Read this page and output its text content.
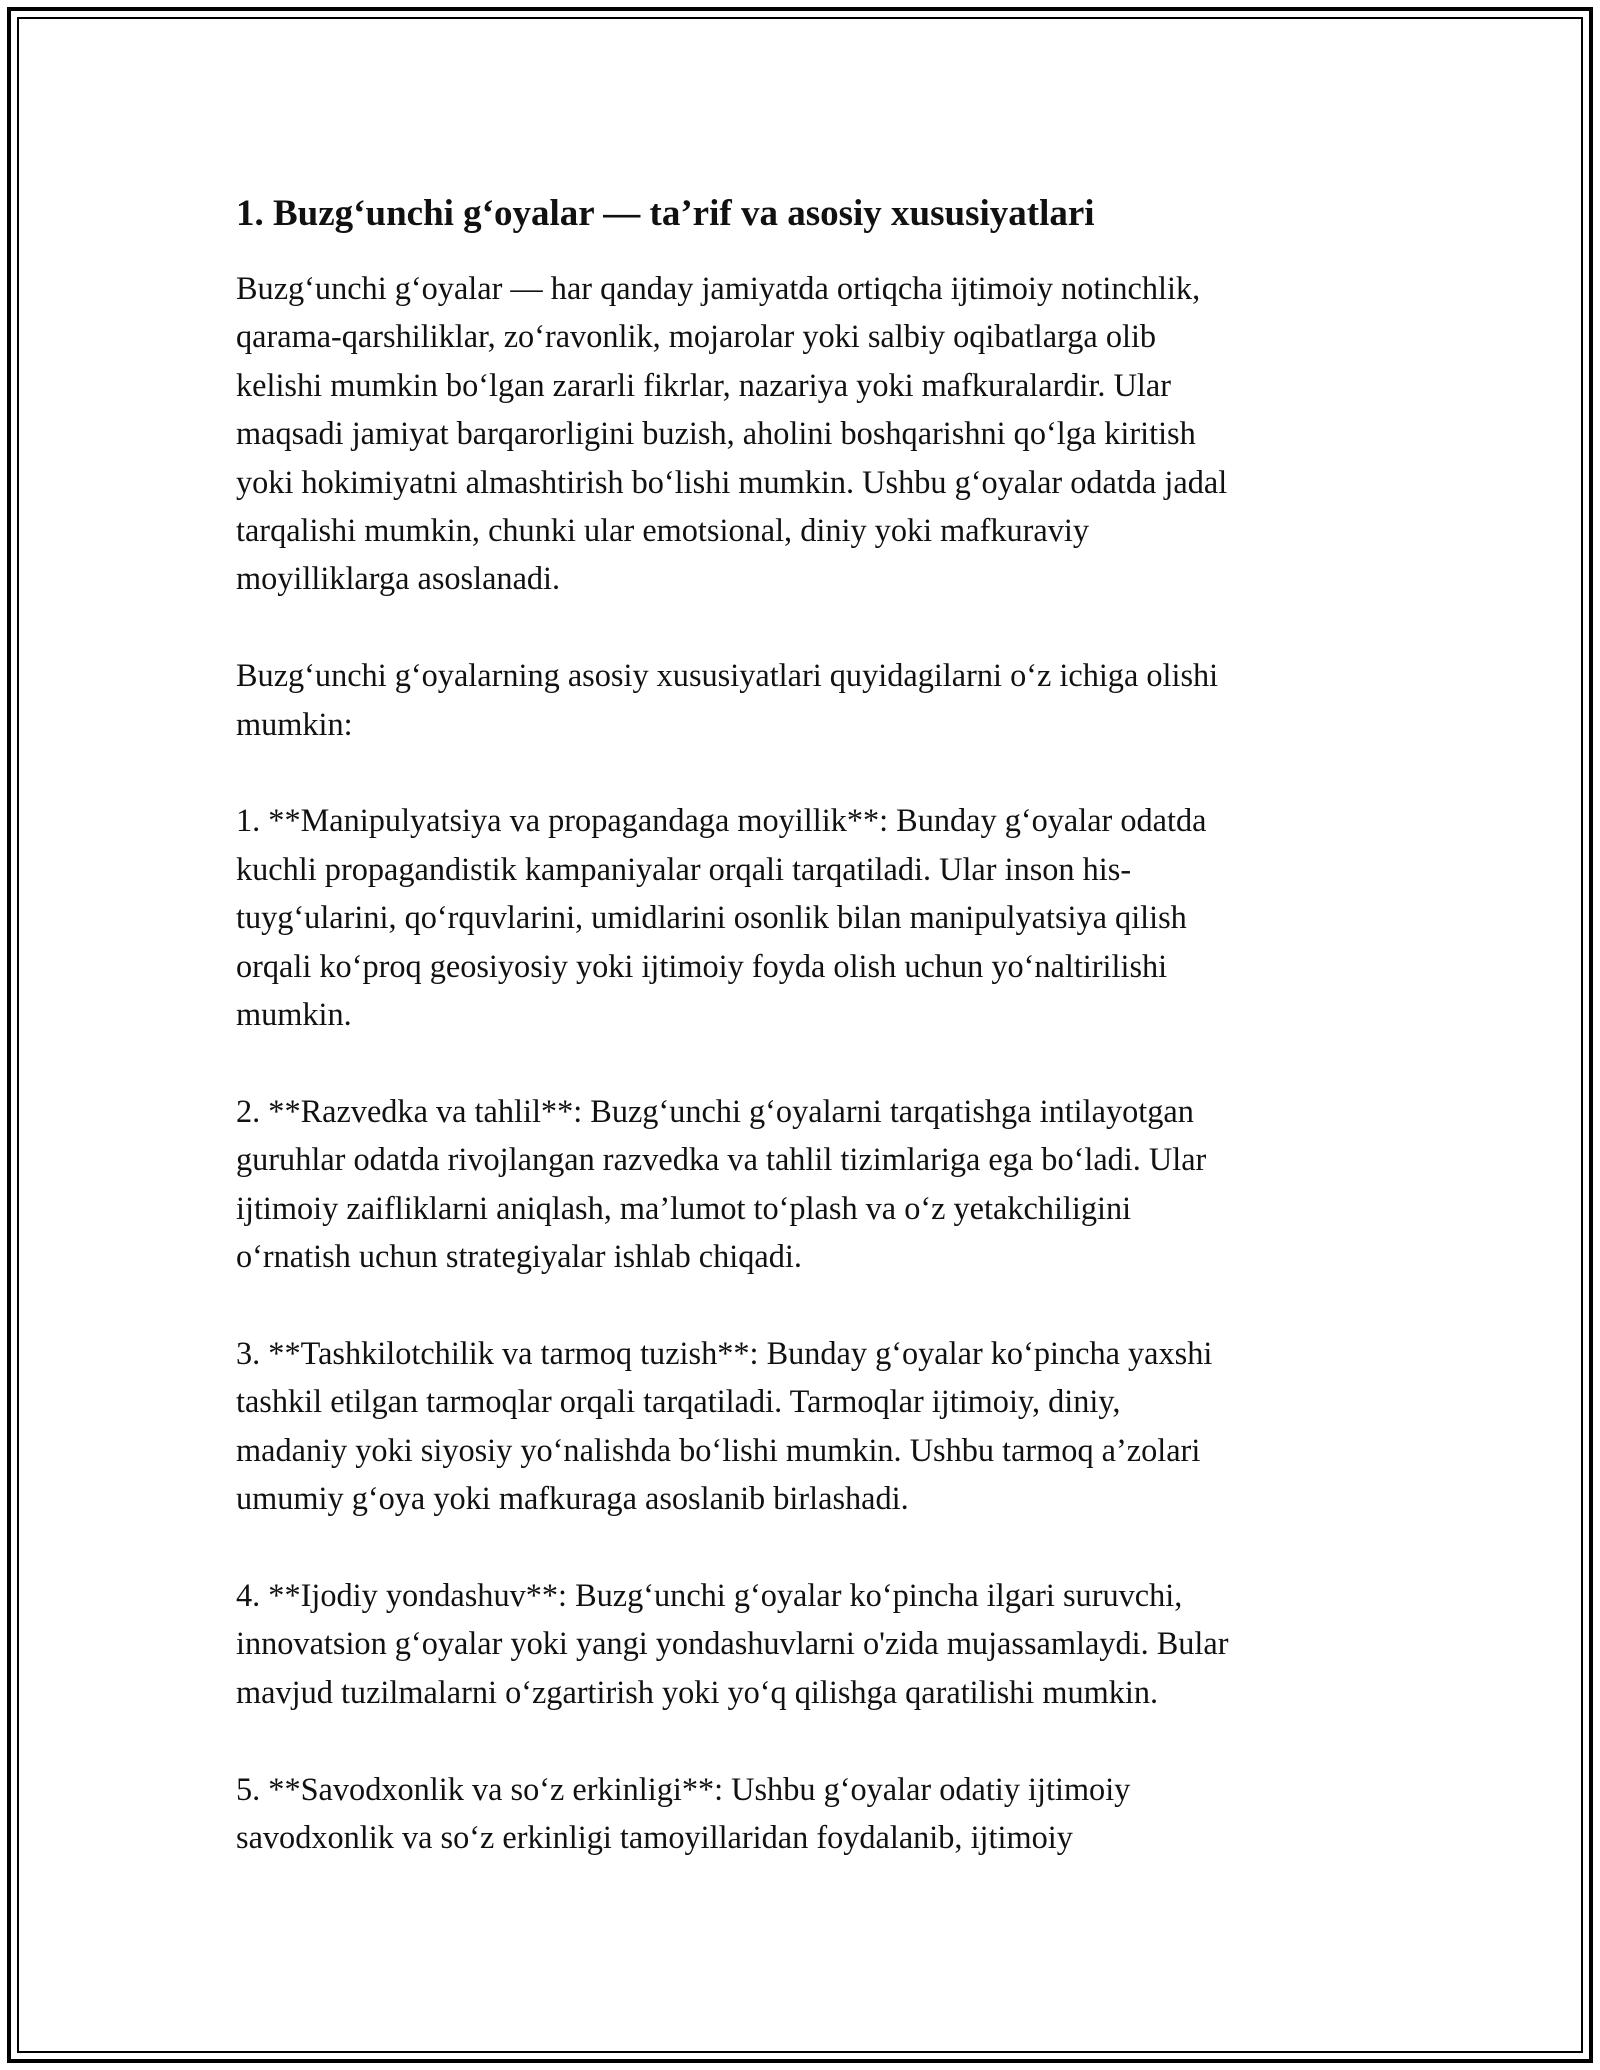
1. Buzg‘unchi g‘oyalar — ta’rif va asosiy xususiyatlari

Buzg‘unchi g‘oyalar — har qanday jamiyatda ortiqcha ijtimoiy notinchlik,
qarama-qarshiliklar, zo‘ravonlik, mojarolar yoki salbiy oqibatlarga olib
kelishi mumkin bo‘lgan zararli fikrlar, nazariya yoki mafkuralardir. Ular
maqsadi jamiyat barqarorligini buzish, aholini boshqarishni qo‘lga kiritish
yoki hokimiyatni almashtirish bo‘lishi mumkin. Ushbu g‘oyalar odatda jadal
tarqalishi mumkin, chunki ular emotsional, diniy yoki mafkuraviy
moyilliklarga asoslanadi.

Buzg‘unchi g‘oyalarning asosiy xususiyatlari quyidagilarni o‘z ichiga olishi
mumkin:

1. **Manipulyatsiya va propagandaga moyillik**: Bunday g‘oyalar odatda
kuchli propagandistik kampaniyalar orqali tarqatiladi. Ular inson his-
tuyg‘ularini, qo‘rquvlarini, umidlarini osonlik bilan manipulyatsiya qilish
orqali ko‘proq geosiyosiy yoki ijtimoiy foyda olish uchun yo‘naltirilishi
mumkin.

2. **Razvedka va tahlil**: Buzg‘unchi g‘oyalarni tarqatishga intilayotgan
guruhlar odatda rivojlangan razvedka va tahlil tizimlariga ega bo‘ladi. Ular
ijtimoiy zaifliklarni aniqlash, ma’lumot to‘plash va o‘z yetakchiligini
o‘rnatish uchun strategiyalar ishlab chiqadi.

3. **Tashkilotchilik va tarmoq tuzish**: Bunday g‘oyalar ko‘pincha yaxshi
tashkil etilgan tarmoqlar orqali tarqatiladi. Tarmoqlar ijtimoiy, diniy,
madaniy yoki siyosiy yo‘nalishda bo‘lishi mumkin. Ushbu tarmoq a’zolari
umumiy g‘oya yoki mafkuraga asoslanib birlashadi.

4. **Ijodiy yondashuv**: Buzg‘unchi g‘oyalar ko‘pincha ilgari suruvchi,
innovatsion g‘oyalar yoki yangi yondashuvlarni o'zida mujassamlaydi. Bular
mavjud tuzilmalarni o‘zgartirish yoki yo‘q qilishga qaratilishi mumkin.

5. **Savodxonlik va so‘z erkinligi**: Ushbu g‘oyalar odatiy ijtimoiy
savodxonlik va so‘z erkinligi tamoyillaridan foydalanib, ijtimoiy
